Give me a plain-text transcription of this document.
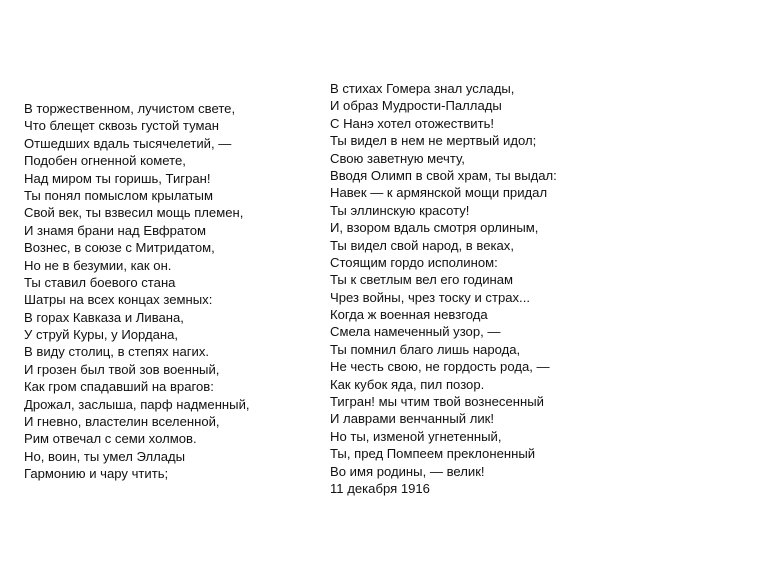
В торжественном, лучистом свете,
Что блещет сквозь густой туман
Отшедших вдаль тысячелетий, —
Подобен огненной комете,
Над миром ты горишь, Тигран!
Ты понял помыслом крылатым
Свой век, ты взвесил мощь племен,
И знамя брани над Евфратом
Вознес, в союзе с Митридатом,
Но не в безумии, как он.
Ты ставил боевого стана
Шатры на всех концах земных:
В горах Кавказа и Ливана,
У струй Куры, у Иордана,
В виду столиц, в степях нагих.
И грозен был твой зов военный,
Как гром спадавший на врагов:
Дрожал, заслыша, парф надменный,
И гневно, властелин вселенной,
Рим отвечал с семи холмов.
Но, воин, ты умел Эллады
Гармонию и чару чтить;
В стихах Гомера знал услады,
И образ Мудрости-Паллады
С Нанэ хотел отожествить!
Ты видел в нем не мертвый идол;
Свою заветную мечту,
Вводя Олимп в свой храм, ты выдал:
Навек — к армянской мощи придал
Ты эллинскую красоту!
И, взором вдаль смотря орлиным,
Ты видел свой народ, в веках,
Стоящим гордо исполином:
Ты к светлым вел его годинам
Чрез войны, чрез тоску и страх...
Когда ж военная невзгода
Смела намеченный узор, —
Ты помнил благо лишь народа,
Не честь свою, не гордость рода, —
Как кубок яда, пил позор.
Тигран! мы чтим твой вознесенный
И лаврами венчанный лик!
Но ты, изменой угнетенный,
Ты, пред Помпеем преклоненный
Во имя родины, — велик!
11 декабря 1916
